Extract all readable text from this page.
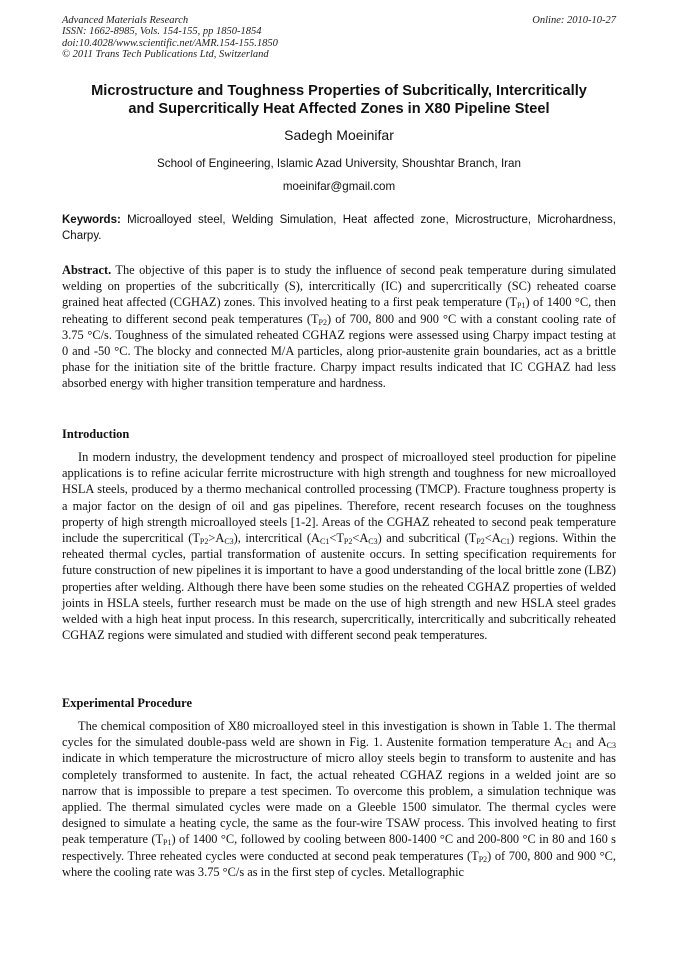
Advanced Materials Research
ISSN: 1662-8985, Vols. 154-155, pp 1850-1854
doi:10.4028/www.scientific.net/AMR.154-155.1850
© 2011 Trans Tech Publications Ltd, Switzerland
Online: 2010-10-27
Microstructure and Toughness Properties of Subcritically, Intercritically
and Supercritically Heat Affected Zones in X80 Pipeline Steel
Sadegh Moeinifar
School of Engineering, Islamic Azad University, Shoushtar Branch, Iran
moeinifar@gmail.com
Keywords: Microalloyed steel, Welding Simulation, Heat affected zone, Microstructure, Microhardness, Charpy.
Abstract. The objective of this paper is to study the influence of second peak temperature during simulated welding on properties of the subcritically (S), intercritically (IC) and supercritically (SC) reheated coarse grained heat affected (CGHAZ) zones. This involved heating to a first peak temperature $(T_{P1})$ of 1400 °C, then reheating to different second peak temperatures $(T_{P2})$ of 700, 800 and 900 °C with a constant cooling rate of 3.75 °C/s. Toughness of the simulated reheated CGHAZ regions were assessed using Charpy impact testing at 0 and -50 °C. The blocky and connected M/A particles, along prior-austenite grain boundaries, act as a brittle phase for the initiation site of the brittle fracture. Charpy impact results indicated that IC CGHAZ had less absorbed energy with higher transition temperature and hardness.
Introduction
In modern industry, the development tendency and prospect of microalloyed steel production for pipeline applications is to refine acicular ferrite microstructure with high strength and toughness for new microalloyed HSLA steels, produced by a thermo mechanical controlled processing (TMCP). Fracture toughness property is a major factor on the design of oil and gas pipelines. Therefore, recent research focuses on the toughness property of high strength microalloyed steels [1-2]. Areas of the CGHAZ reheated to second peak temperature include the supercritical $(T_{P2}>A_{C3})$, intercritical $(A_{C1}<T_{P2}<A_{C3})$ and subcritical $(T_{P2}<A_{C1})$ regions. Within the reheated thermal cycles, partial transformation of austenite occurs. In setting specification requirements for future construction of new pipelines it is important to have a good understanding of the local brittle zone (LBZ) properties after welding. Although there have been some studies on the reheated CGHAZ properties of welded joints in HSLA steels, further research must be made on the use of high strength and new HSLA steel grades welded with a high heat input process. In this research, supercritically, intercritically and subcritically reheated CGHAZ regions were simulated and studied with different second peak temperatures.
Experimental Procedure
The chemical composition of X80 microalloyed steel in this investigation is shown in Table 1. The thermal cycles for the simulated double-pass weld are shown in Fig. 1. Austenite formation temperature $A_{C1}$ and $A_{C3}$ indicate in which temperature the microstructure of micro alloy steels begin to transform to austenite and has completely transformed to austenite. In fact, the actual reheated CGHAZ regions in a welded joint are so narrow that is impossible to prepare a test specimen. To overcome this problem, a simulation technique was applied. The thermal simulated cycles were made on a Gleeble 1500 simulator. The thermal cycles were designed to simulate a heating cycle, the same as the four-wire TSAW process. This involved heating to first peak temperature $(T_{P1})$ of 1400 °C, followed by cooling between 800-1400 °C and 200-800 °C in 80 and 160 s respectively. Three reheated cycles were conducted at second peak temperatures $(T_{P2})$ of 700, 800 and 900 °C, where the cooling rate was 3.75 °C/s as in the first step of cycles. Metallographic
